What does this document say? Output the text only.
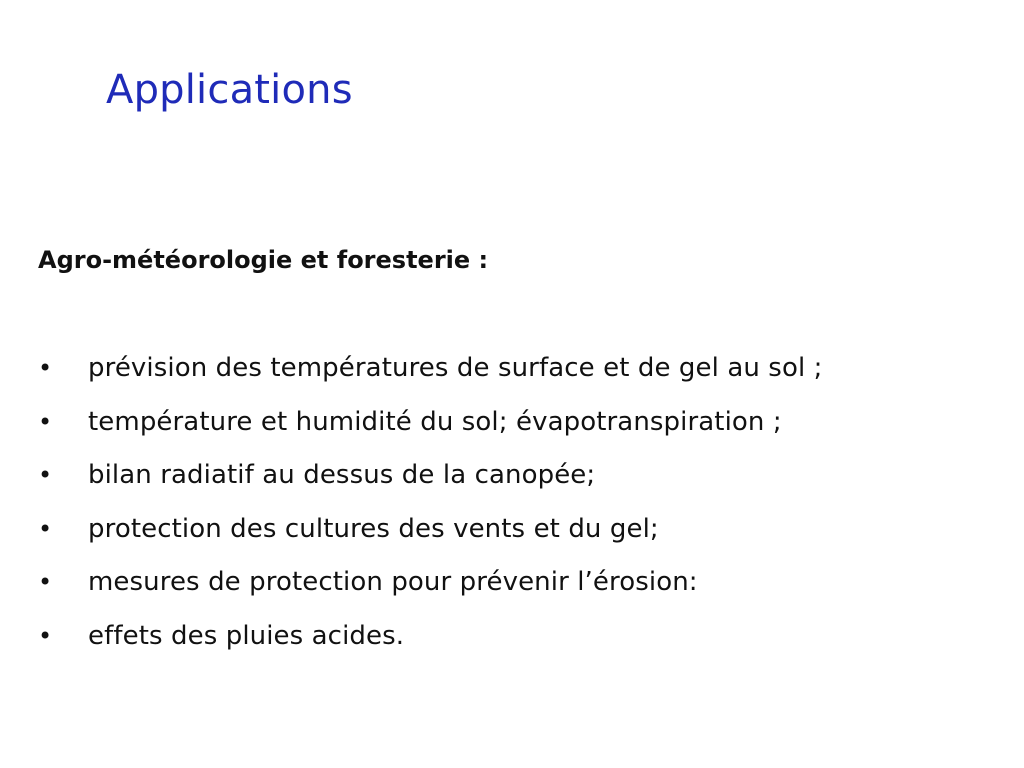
Applications
Agro-météorologie et foresterie :
• prévision des températures de surface et de gel au sol ;
• température et humidité du sol; évapotranspiration ;
• bilan radiatif au dessus de la canopée;
• protection des cultures des vents et du gel;
• mesures de protection pour prévenir l’érosion:
• effets des pluies acides.
